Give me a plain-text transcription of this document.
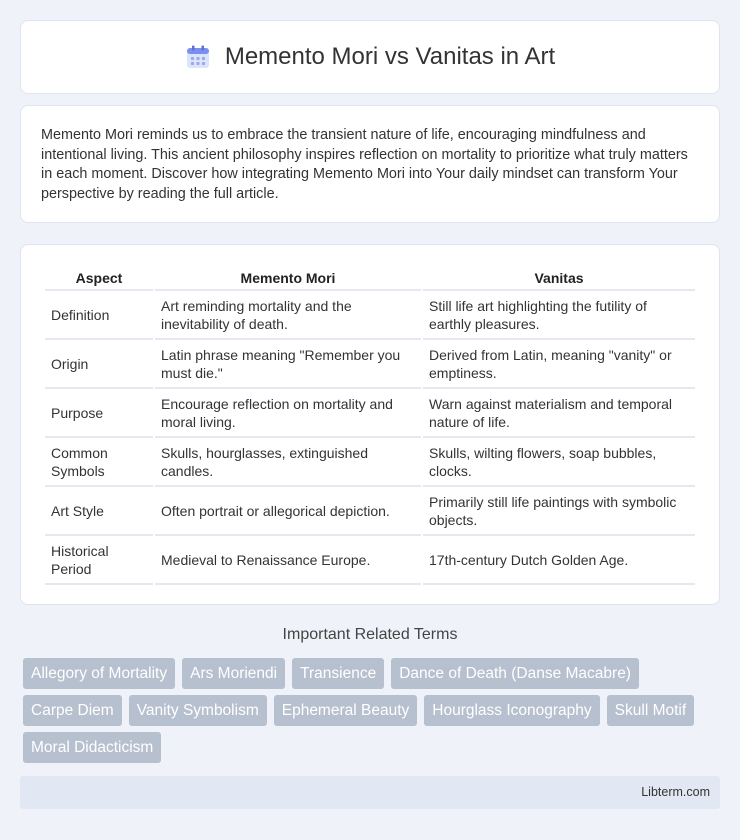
Memento Mori vs Vanitas in Art

Memento Mori reminds us to embrace the transient nature of life, encouraging mindfulness and intentional living. This ancient philosophy inspires reflection on mortality to prioritize what truly matters in each moment. Discover how integrating Memento Mori into Your daily mindset can transform Your perspective by reading the full article.

Aspect	Memento Mori	Vanitas
Definition	Art reminding mortality and the inevitability of death.	Still life art highlighting the futility of earthly pleasures.
Origin	Latin phrase meaning "Remember you must die."	Derived from Latin, meaning "vanity" or emptiness.
Purpose	Encourage reflection on mortality and moral living.	Warn against materialism and temporal nature of life.
Common Symbols	Skulls, hourglasses, extinguished candles.	Skulls, wilting flowers, soap bubbles, clocks.
Art Style	Often portrait or allegorical depiction.	Primarily still life paintings with symbolic objects.
Historical Period	Medieval to Renaissance Europe.	17th-century Dutch Golden Age.
Important Related Terms
Allegory of Mortality	Ars Moriendi	Transience	Dance of Death (Danse Macabre)
Carpe Diem	Vanity Symbolism	Ephemeral Beauty	Hourglass Iconography	Skull Motif
Moral Didacticism
Libterm.com
